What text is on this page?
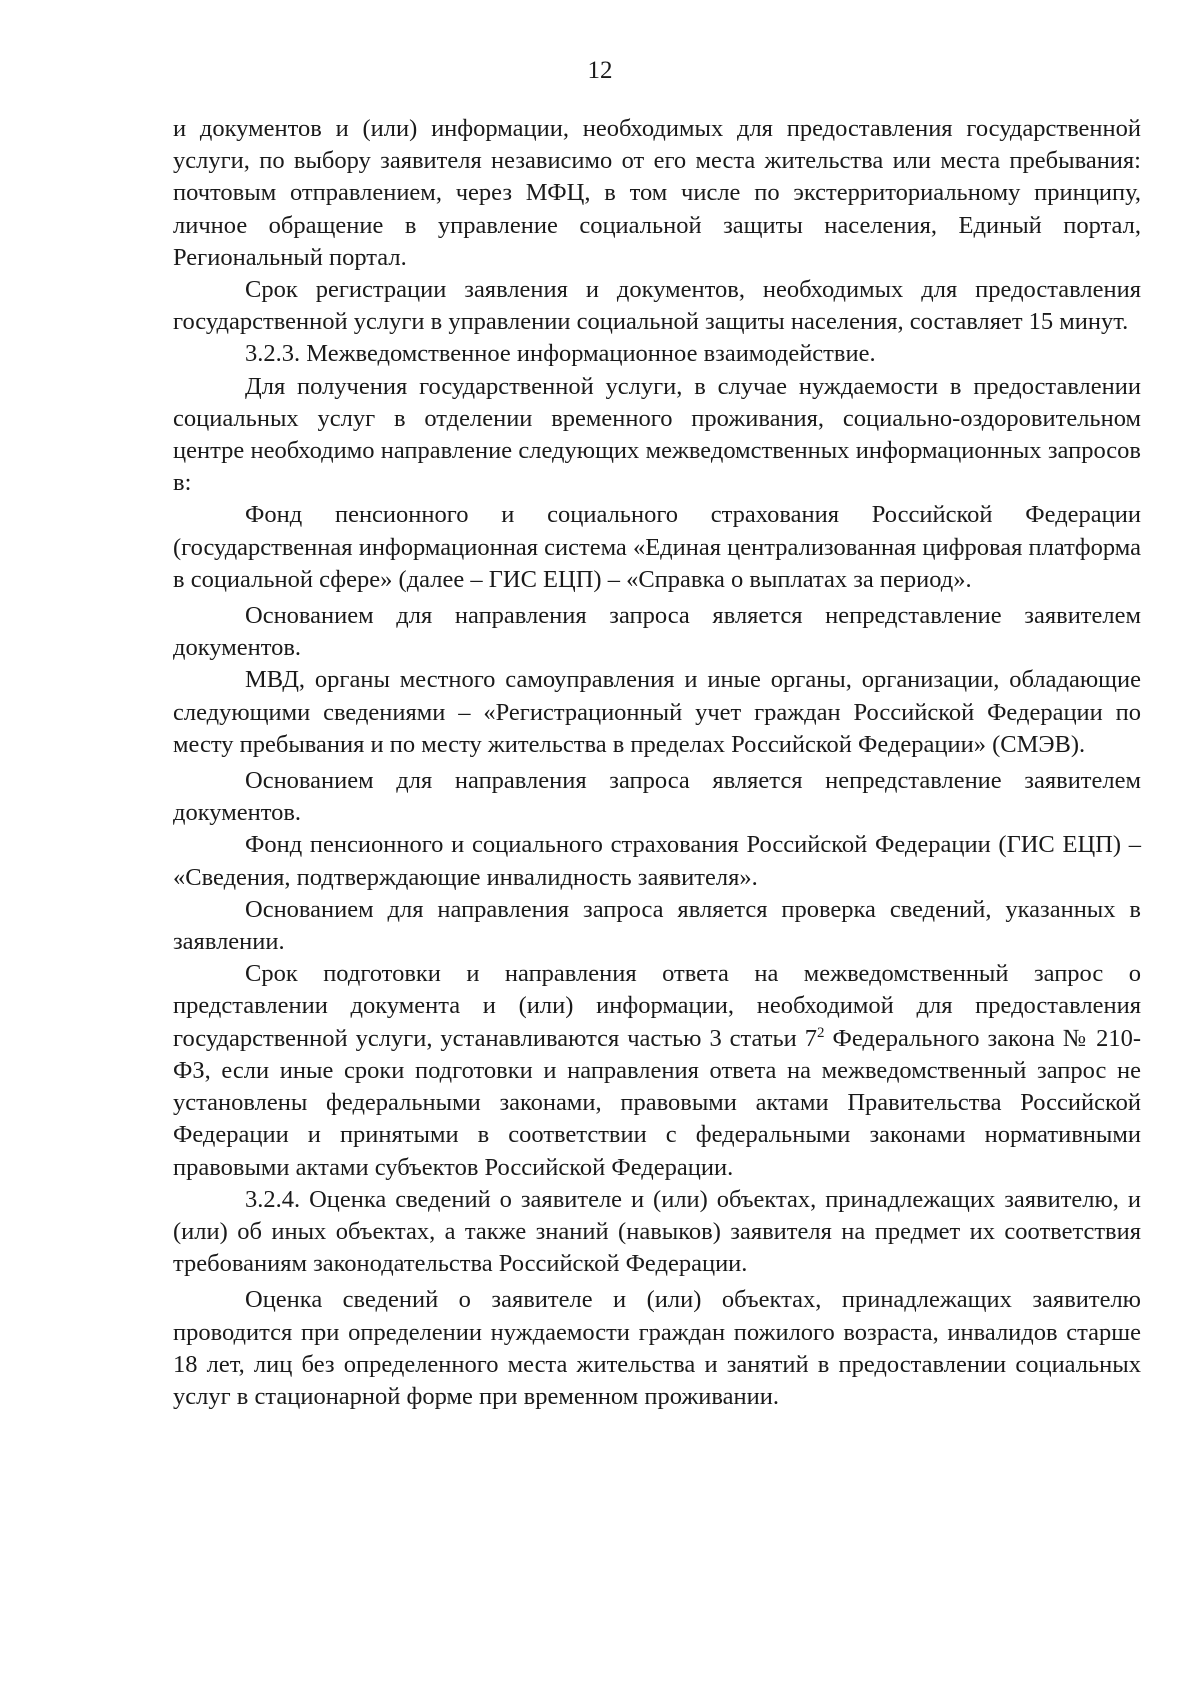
12

и документов и (или) информации, необходимых для предоставления государственной услуги, по выбору заявителя независимо от его места жительства или места пребывания: почтовым отправлением, через МФЦ, в том числе по экстерриториальному принципу, личное обращение в управление социальной защиты населения, Единый портал, Региональный портал.

Срок регистрации заявления и документов, необходимых для предоставления государственной услуги в управлении социальной защиты населения, составляет 15 минут.

3.2.3. Межведомственное информационное взаимодействие.

Для получения государственной услуги, в случае нуждаемости в предоставлении социальных услуг в отделении временного проживания, социально-оздоровительном центре необходимо направление следующих межведомственных информационных запросов в:

Фонд пенсионного и социального страхования Российской Федерации (государственная информационная система «Единая централизованная цифровая платформа в социальной сфере» (далее – ГИС ЕЦП) – «Справка о выплатах за период».

Основанием для направления запроса является непредставление заявителем документов.

МВД, органы местного самоуправления и иные органы, организации, обладающие следующими сведениями – «Регистрационный учет граждан Российской Федерации по месту пребывания и по месту жительства в пределах Российской Федерации» (СМЭВ).

Основанием для направления запроса является непредставление заявителем документов.

Фонд пенсионного и социального страхования Российской Федерации (ГИС ЕЦП) – «Сведения, подтверждающие инвалидность заявителя».

Основанием для направления запроса является проверка сведений, указанных в заявлении.

Срок подготовки и направления ответа на межведомственный запрос о представлении документа и (или) информации, необходимой для предоставления государственной услуги, устанавливаются частью 3 статьи $7^2$ Федерального закона № 210-ФЗ, если иные сроки подготовки и направления ответа на межведомственный запрос не установлены федеральными законами, правовыми актами Правительства Российской Федерации и принятыми в соответствии с федеральными законами нормативными правовыми актами субъектов Российской Федерации.

3.2.4. Оценка сведений о заявителе и (или) объектах, принадлежащих заявителю, и (или) об иных объектах, а также знаний (навыков) заявителя на предмет их соответствия требованиям законодательства Российской Федерации.

Оценка сведений о заявителе и (или) объектах, принадлежащих заявителю проводится при определении нуждаемости граждан пожилого возраста, инвалидов старше 18 лет, лиц без определенного места жительства и занятий в предоставлении социальных услуг в стационарной форме при временном проживании.
